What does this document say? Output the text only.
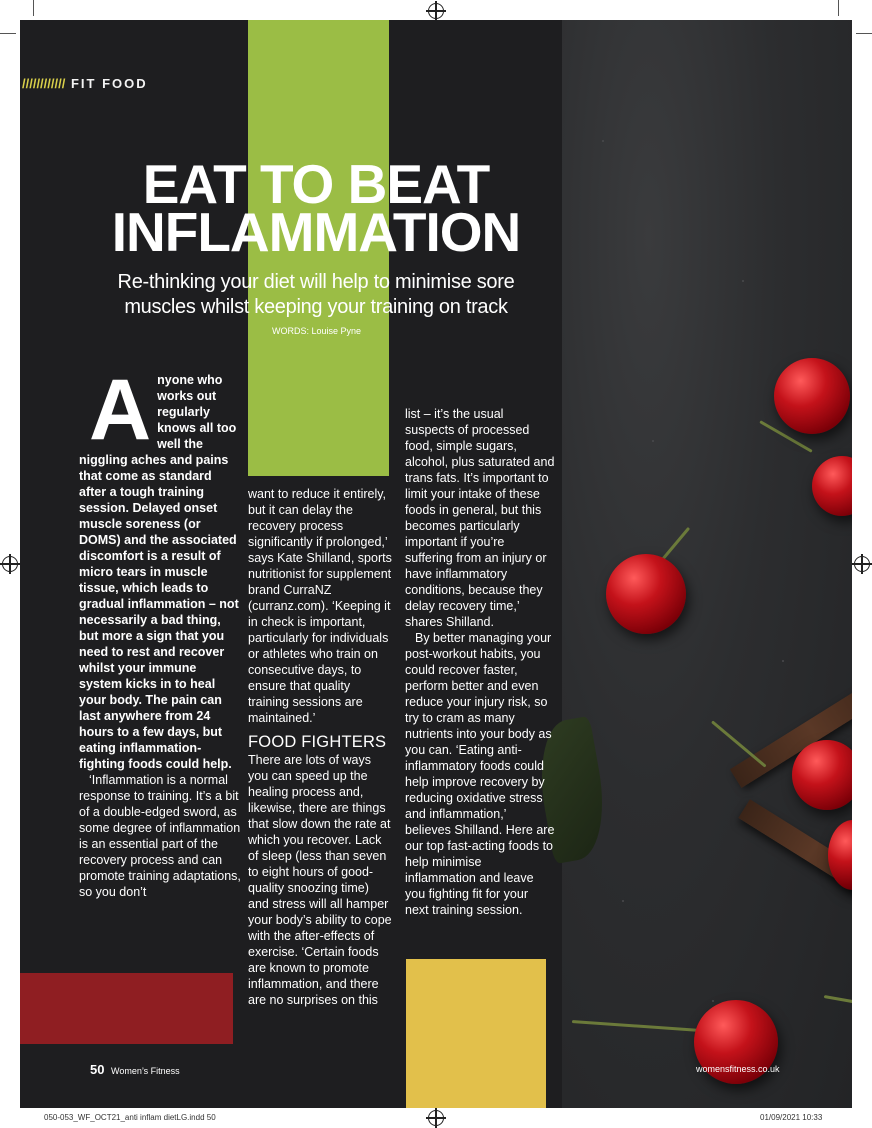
//////////// FIT FOOD
EAT TO BEAT
INFLAMMATION
Re-thinking your diet will help to minimise sore muscles whilst keeping your training on track
WORDS: Louise Pyne
A nyone who works out regularly knows all too well the niggling aches and pains that come as standard after a tough training session. Delayed onset muscle soreness (or DOMS) and the associated discomfort is a result of micro tears in muscle tissue, which leads to gradual inflammation – not necessarily a bad thing, but more a sign that you need to rest and recover whilst your immune system kicks in to heal your body. The pain can last anywhere from 24 hours to a few days, but eating inflammation-fighting foods could help.

‘Inflammation is a normal response to training. It’s a bit of a double-edged sword, as some degree of inflammation is an essential part of the recovery process and can promote training adaptations, so you don’t

want to reduce it entirely, but it can delay the recovery process significantly if prolonged,’ says Kate Shilland, sports nutritionist for supplement brand CurraNZ (curranz.com). ‘Keeping it in check is important, particularly for individuals or athletes who train on consecutive days, to ensure that quality training sessions are maintained.’

FOOD FIGHTERS

There are lots of ways you can speed up the healing process and, likewise, there are things that slow down the rate at which you recover. Lack of sleep (less than seven to eight hours of good-quality snoozing time) and stress will all hamper your body’s ability to cope with the after-effects of exercise. ‘Certain foods are known to promote inflammation, and there are no surprises on this

list – it’s the usual suspects of processed food, simple sugars, alcohol, plus saturated and trans fats. It’s important to limit your intake of these foods in general, but this becomes particularly important if you’re suffering from an injury or have inflammatory conditions, because they delay recovery time,’ shares Shilland.

By better managing your post-workout habits, you could recover faster, perform better and even reduce your injury risk, so try to cram as many nutrients into your body as you can. ‘Eating anti-inflammatory foods could help improve recovery by reducing oxidative stress and inflammation,’ believes Shilland. Here are our top fast-acting foods to help minimise inflammation and leave you fighting fit for your next training session.

50 Women’s Fitness	womensfitness.co.uk
050-053_WF_OCT21_anti inflam dietLG.indd 50	01/09/2021 10:33
